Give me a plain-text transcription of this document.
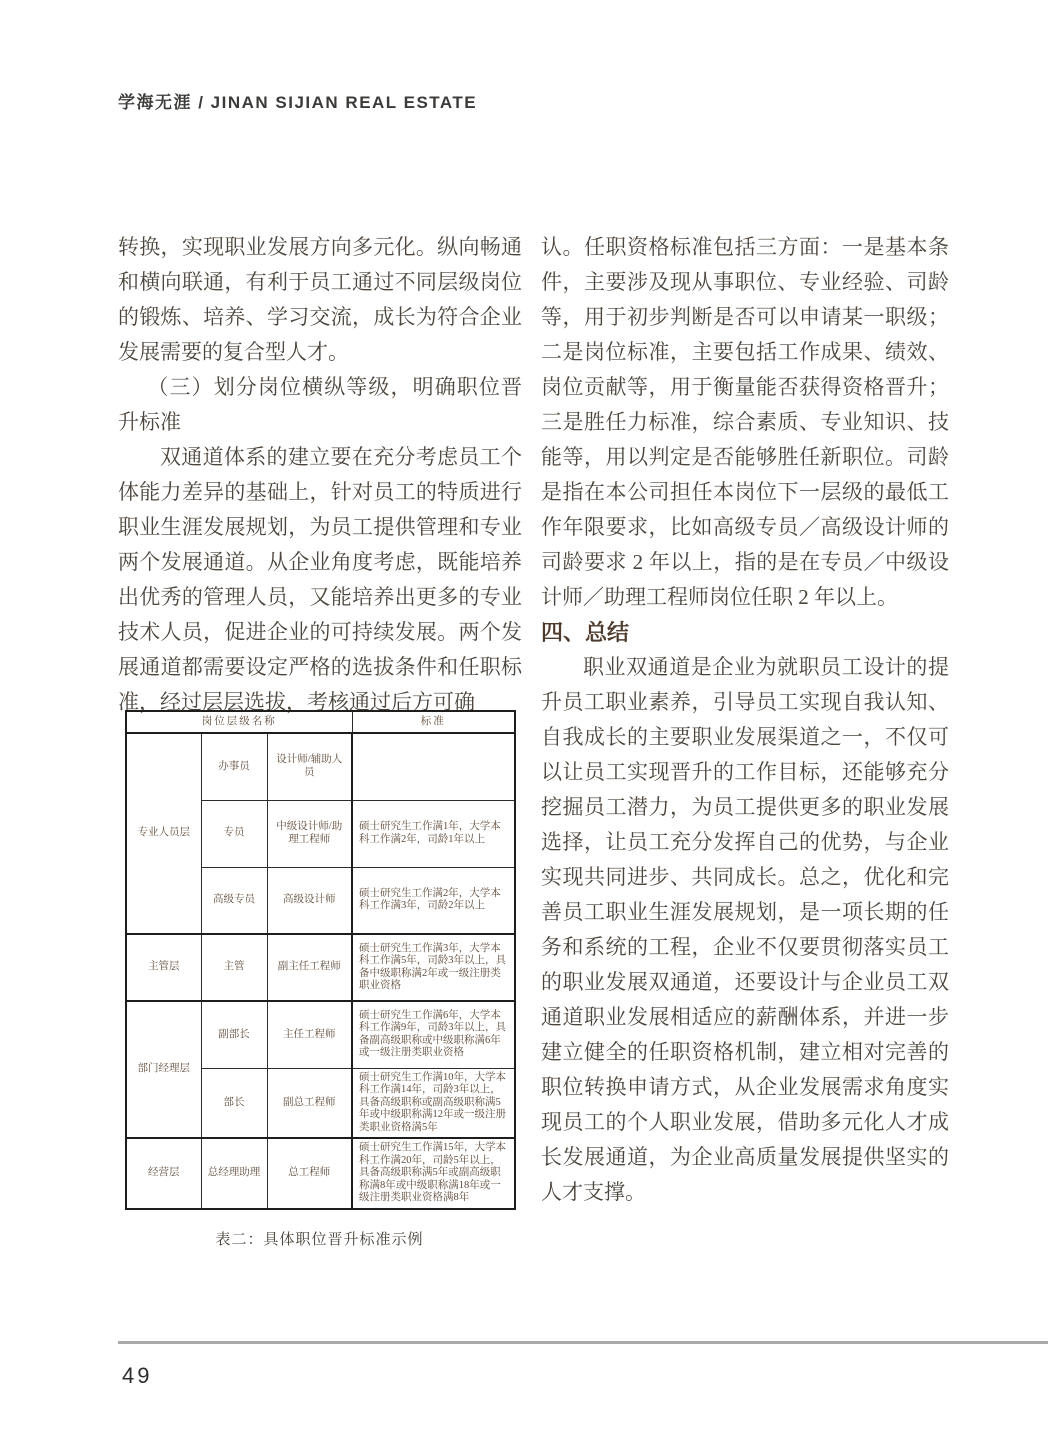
学海无涯 / JINAN SIJIAN REAL ESTATE

转换，实现职业发展方向多元化。纵向畅通和横向联通，有利于员工通过不同层级岗位的锻炼、培养、学习交流，成长为符合企业发展需要的复合型人才。

（三）划分岗位横纵等级，明确职位晋升标准

双通道体系的建立要在充分考虑员工个体能力差异的基础上，针对员工的特质进行职业生涯发展规划，为员工提供管理和专业两个发展通道。从企业角度考虑，既能培养出优秀的管理人员，又能培养出更多的专业技术人员，促进企业的可持续发展。两个发展通道都需要设定严格的选拔条件和任职标准，经过层层选拔，考核通过后方可确

岗位层级名称			标准
专业人员层	办事员	设计师/辅助人员	
	专员	中级设计师/助理工程师	硕士研究生工作满1年，大学本科工作满2年，司龄1年以上
	高级专员	高级设计师	硕士研究生工作满2年，大学本科工作满3年，司龄2年以上
主管层	主管	副主任工程师	硕士研究生工作满3年，大学本科工作满5年，司龄3年以上，具备中级职称满2年或一级注册类职业资格
部门经理层	副部长	主任工程师	硕士研究生工作满6年，大学本科工作满9年，司龄3年以上，具备副高级职称或中级职称满6年或一级注册类职业资格
	部长	副总工程师	硕士研究生工作满10年，大学本科工作满14年，司龄3年以上，具备高级职称或副高级职称满5年或中级职称满12年或一级注册类职业资格满5年
经营层	总经理助理	总工程师	硕士研究生工作满15年，大学本科工作满20年，司龄5年以上，具备高级职称满5年或副高级职称满8年或中级职称满18年或一级注册类职业资格满8年

表二：具体职位晋升标准示例

认。任职资格标准包括三方面：一是基本条件，主要涉及现从事职位、专业经验、司龄等，用于初步判断是否可以申请某一职级；二是岗位标准，主要包括工作成果、绩效、岗位贡献等，用于衡量能否获得资格晋升；三是胜任力标准，综合素质、专业知识、技能等，用以判定是否能够胜任新职位。司龄是指在本公司担任本岗位下一层级的最低工作年限要求，比如高级专员／高级设计师的司龄要求 2 年以上，指的是在专员／中级设计师／助理工程师岗位任职 2 年以上。

四、总结

职业双通道是企业为就职员工设计的提升员工职业素养，引导员工实现自我认知、自我成长的主要职业发展渠道之一，不仅可以让员工实现晋升的工作目标，还能够充分挖掘员工潜力，为员工提供更多的职业发展选择，让员工充分发挥自己的优势，与企业实现共同进步、共同成长。总之，优化和完善员工职业生涯发展规划，是一项长期的任务和系统的工程，企业不仅要贯彻落实员工的职业发展双通道，还要设计与企业员工双通道职业发展相适应的薪酬体系，并进一步建立健全的任职资格机制，建立相对完善的职位转换申请方式，从企业发展需求角度实现员工的个人职业发展，借助多元化人才成长发展通道，为企业高质量发展提供坚实的人才支撑。

49
